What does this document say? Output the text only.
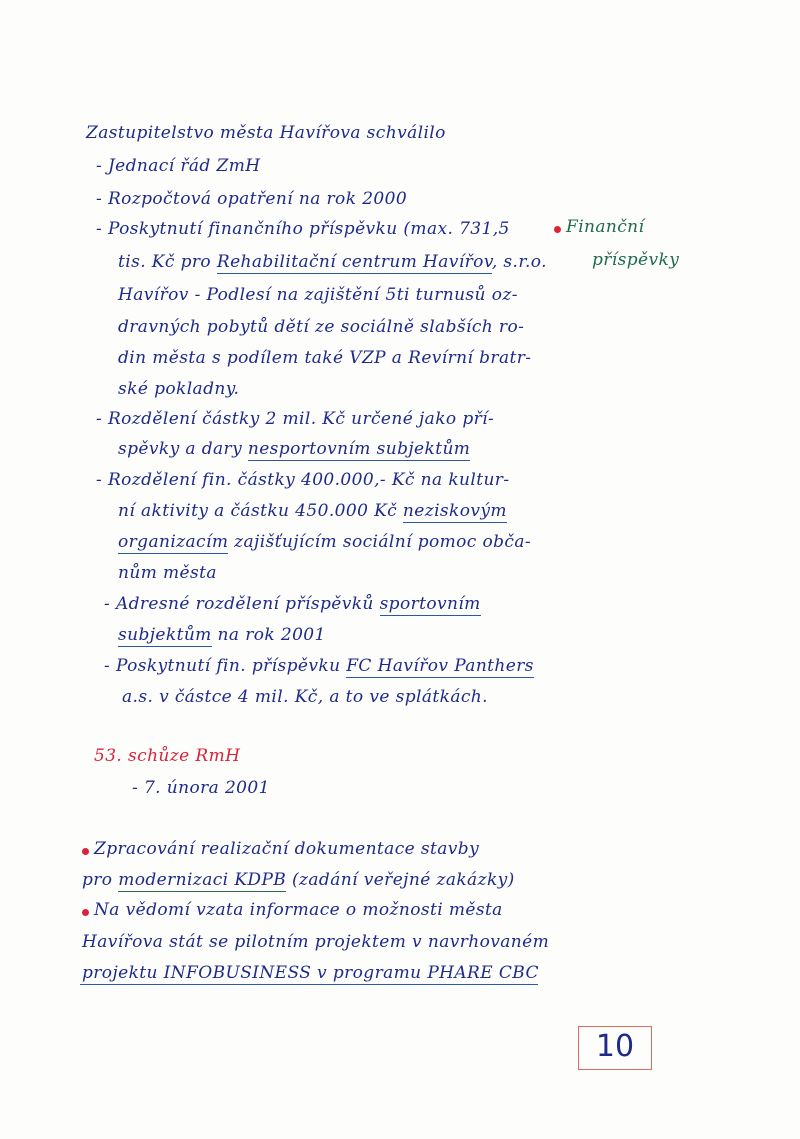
Zastupitelstvo města Havířova schválilo
- Jednací řád ZmH
- Rozpočtová opatření na rok 2000
- Poskytnutí finančního příspěvku (max. 731,5
tis. Kč pro Rehabilitační centrum Havířov, s.r.o.
Havířov - Podlesí na zajištění 5ti turnusů oz-
dravných pobytů dětí ze sociálně slabších ro-
din města s podílem také VZP a Revírní bratr-
ské pokladny.
Finanční
příspěvky
- Rozdělení částky 2 mil. Kč určené jako pří-
spěvky a dary nesportovním subjektům
- Rozdělení fin. částky 400.000,- Kč na kultur-
ní aktivity a částku 450.000 Kč neziskovým
organizacím zajišťujícím sociální pomoc obča-
nům města
- Adresné rozdělení příspěvků sportovním
subjektům na rok 2001
- Poskytnutí fin. příspěvku FC Havířov Panthers
a.s. v částce 4 mil. Kč, a to ve splátkách.
53. schůze RmH
- 7. února 2001
Zpracování realizační dokumentace stavby
pro modernizaci KDPB (zadání veřejné zakázky)
Na vědomí vzata informace o možnosti města
Havířova stát se pilotním projektem v navrhovaném
projektu INFOBUSINESS v programu PHARE CBC
10
